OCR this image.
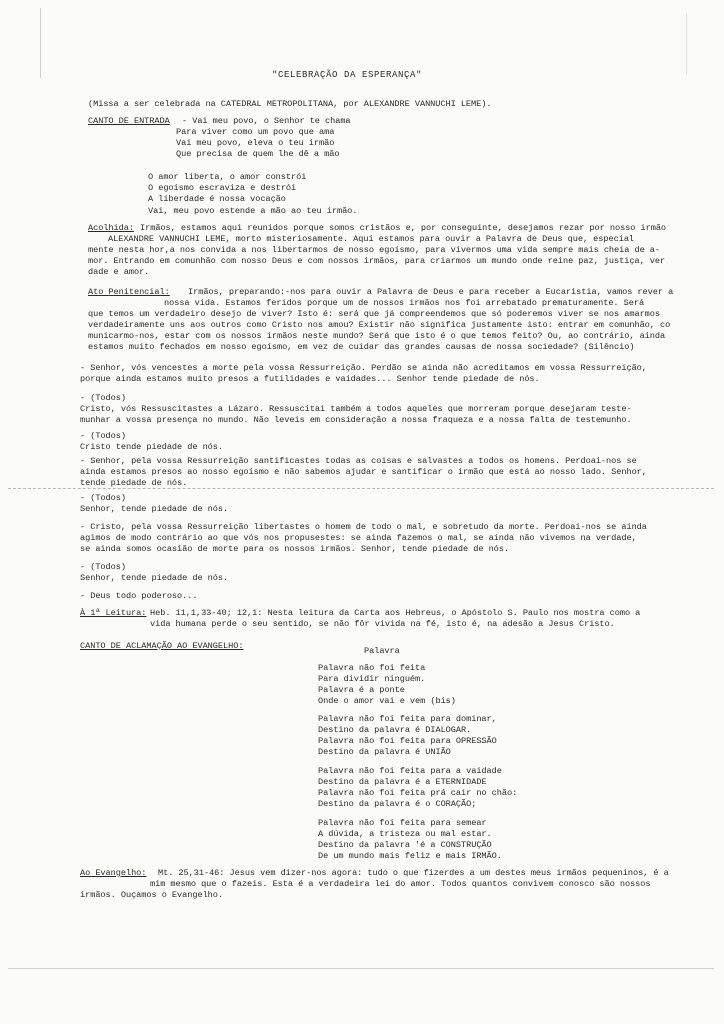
"CELEBRAÇÃO DA ESPERANÇA"
(Missa a ser celebrada na CATEDRAL METROPOLITANA, por ALEXANDRE VANNUCHI LEME).
CANTO DE ENTRADA - Vai meu povo, o Senhor te chama
Para viver como um povo que ama
Vai meu povo, eleva o teu irmão
Que precisa de quem lhe dê a mão
O amor liberta, o amor constrói
O egoísmo escraviza e destrói
A liberdade é nossa vocação
Vai, meu povo estende a mão ao teu irmão.
Acolhida: Irmãos, estamos aqui reunidos porque somos cristãos e, por conseguinte, desejamos rezar por nosso irmão
ALEXANDRE VANNUCHI LEME, morto misteriosamente. Aqui estamos para ouvir a Palavra de Deus que, especial
mente nesta hor,a nos convida a nos libertarmos de nosso egoísmo, para vivermos uma vida sempre mais cheia de a-
mor. Entrando em comunhão com nosso Deus e com nossos irmãos, para criarmos um mundo onde reine paz, justiça, ver
dade e amor.
Ato Penitencial: Irmãos, preparando:-nos para ouvir a Palavra de Deus e para receber a Eucaristia, vamos rever a
nossa vida. Estamos feridos porque um de nossos irmãos nos foi arrebatado prematuramente. Será
que temos um verdadeiro desejo de viver? Isto é: será que já compreendemos que só poderemos viver se nos amarmos
verdadeiramente uns aos outros como Cristo nos amou? Existir não significa justamente isto: entrar em comunhão, co
municarmo-nos, estar com os nossos irmãos neste mundo? Será que isto é o que temos feito? Ou, ao contrário, ainda
estamos muito fechados em nosso egoísmo, em vez de cuidar das grandes causas de nossa sociedade? (Silêncio)
- Senhor, vós vencestes a morte pela vossa Ressurreição. Perdão se ainda não acreditamos em vossa Ressurreição,
porque ainda estamos muito presos a futilidades e vaidades... Senhor tende piedade de nós.
- (Todos)
Cristo, vós Ressuscitastes a Lázaro. Ressuscitai também a todos aqueles que morreram porque desejaram teste-
munhar a vossa presença no mundo. Não leveis em consideração a nossa fraqueza e a nossa falta de testemunho.
- (Todos)
Cristo tende piedade de nós.
- Senhor, pela vossa Ressurreição santificastes todas as coisas e salvastes a todos os homens. Perdoai-nos se
ainda estamos presos ao nosso egoísmo e não sabemos ajudar e santificar o irmão que está ao nosso lado. Senhor,
tende piedade de nós.
- (Todos)
Senhor, tende piedade de nós.
- Cristo, pela vossa Ressurreição libertastes o homem de todo o mal, e sobretudo da morte. Perdoai-nos se ainda
agimos de modo contrário ao que vós nos propusestes: se ainda fazemos o mal, se ainda não vivemos na verdade,
se ainda somos ocasião de morte para os nossos irmãos. Senhor, tende piedade de nós.
- (Todos)
Senhor, tende piedade de nós.
- Deus todo poderoso...
À 1ª Leitura: Heb. 11,1,33-40; 12,1: Nesta leitura da Carta aos Hebreus, o Apóstolo S. Paulo nos mostra como a
vida humana perde o seu sentido, se não fôr vivida na fé, isto é, na adesão a Jesus Cristo.
CANTO DE ACLAMAÇÃO AO EVANGELHO:	Palavra
Palavra não foi feita
Para dividir ninguém.
Palavra é a ponte
Onde o amor vai e vem (bis)
Palavra não foi feita para dominar,
Destino da palavra é DIALOGAR.
Palavra não foi feita para OPRESSÃO
Destino da palavra é UNIÃO
Palavra não foi feita para a vaidade
Destino da palavra é a ETERNIDADE
Palavra não foi feita prá cair no chão:
Destino da palavra é o CORAÇÃO;
Palavra não foi feita para semear
A dúvida, a tristeza ou mal estar.
Destino da palavra 'é a CONSTRUÇÃO
De um mundo mais feliz e mais IRMÃO.
Ao Evangelho: Mt. 25,31-46: Jesus vem dizer-nos agora: tudo o que fizerdes a um destes meus irmãos pequeninos, é a
mim mesmo que o fazeis. Esta é a verdadeira lei do amor. Todos quantos convivem conosco são nossos
irmãos. Ouçamos o Evangelho.
